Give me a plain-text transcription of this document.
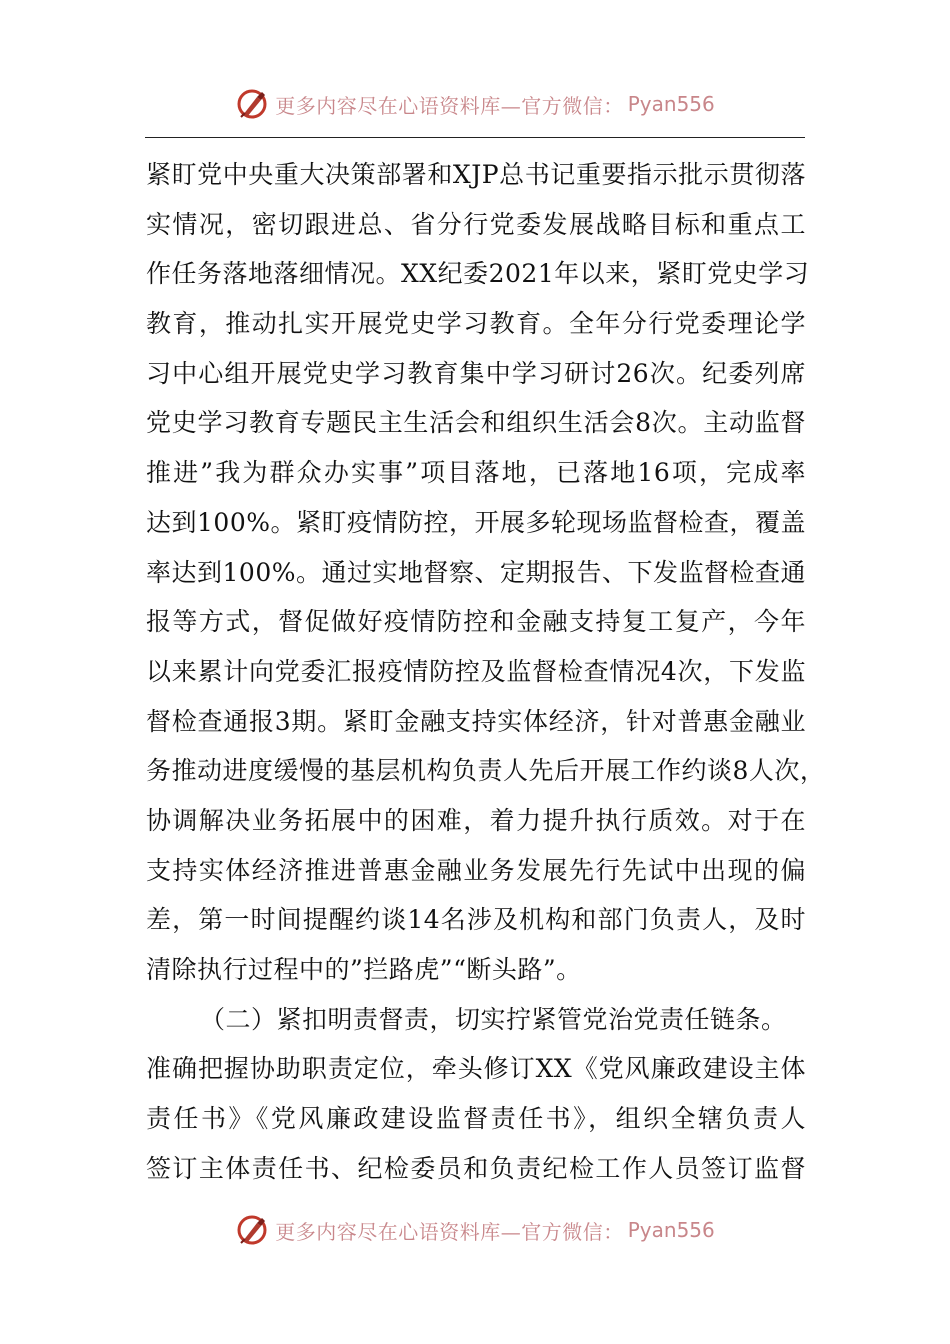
更多内容尽在心语资料库—官方微信： Pyan556
紧盯党中央重大决策部署和XJP总书记重要指示批示贯彻落
实情况，密切跟进总、省分行党委发展战略目标和重点工
作任务落地落细情况。XX纪委2021年以来，紧盯党史学习
教育，推动扎实开展党史学习教育。全年分行党委理论学
习中心组开展党史学习教育集中学习研讨26次。纪委列席
党史学习教育专题民主生活会和组织生活会8次。主动监督
推进”我为群众办实事”项目落地，已落地16项，完成率
达到100%。紧盯疫情防控，开展多轮现场监督检查，覆盖
率达到100%。通过实地督察、定期报告、下发监督检查通
报等方式，督促做好疫情防控和金融支持复工复产，今年
以来累计向党委汇报疫情防控及监督检查情况4次，下发监
督检查通报3期。紧盯金融支持实体经济，针对普惠金融业
务推动进度缓慢的基层机构负责人先后开展工作约谈8人次，
协调解决业务拓展中的困难，着力提升执行质效。对于在
支持实体经济推进普惠金融业务发展先行先试中出现的偏
差，第一时间提醒约谈14名涉及机构和部门负责人，及时
清除执行过程中的”拦路虎”“断头路”。
（二）紧扣明责督责，切实拧紧管党治党责任链条。
准确把握协助职责定位，牵头修订XX《党风廉政建设主体
责任书》《党风廉政建设监督责任书》，组织全辖负责人
签订主体责任书、纪检委员和负责纪检工作人员签订监督
更多内容尽在心语资料库—官方微信： Pyan556
